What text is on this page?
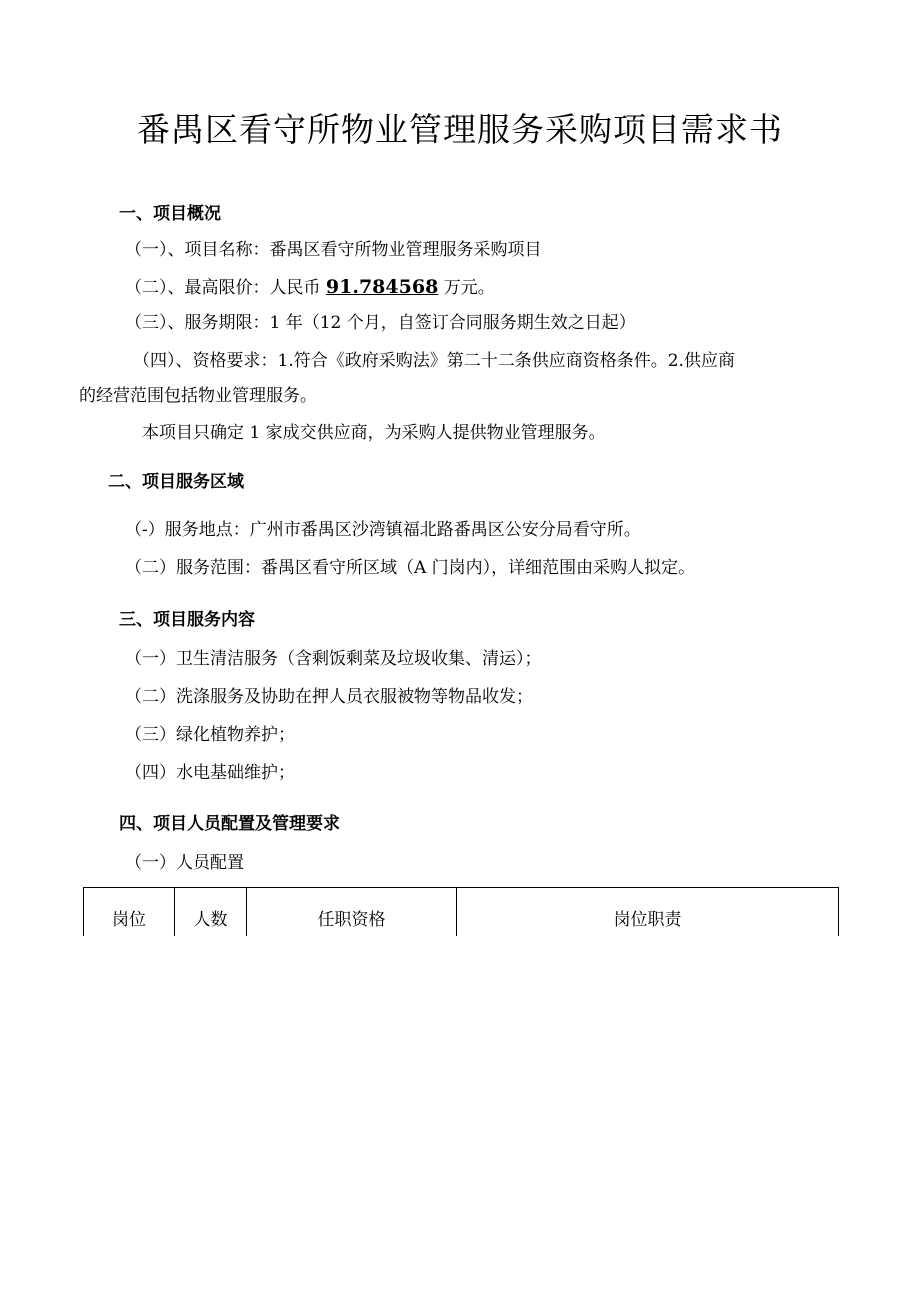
番禺区看守所物业管理服务采购项目需求书
一、项目概况
（一）、项目名称：番禺区看守所物业管理服务采购项目
（二）、最高限价：人民币 91.784568 万元。
（三）、服务期限：1 年（12 个月，自签订合同服务期生效之日起）
（四）、资格要求：1.符合《政府采购法》第二十二条供应商资格条件。2.供应商
的经营范围包括物业管理服务。
本项目只确定 1 家成交供应商，为采购人提供物业管理服务。
二、项目服务区域
（-）服务地点：广州市番禺区沙湾镇福北路番禺区公安分局看守所。
（二）服务范围：番禺区看守所区域（A 门岗内），详细范围由采购人拟定。
三、项目服务内容
（一）卫生清洁服务（含剩饭剩菜及垃圾收集、清运）；
（二）洗涤服务及协助在押人员衣服被物等物品收发；
（三）绿化植物养护；
（四）水电基础维护；
四、项目人员配置及管理要求
（一）人员配置
岗位	人数	任职资格	岗位职责
